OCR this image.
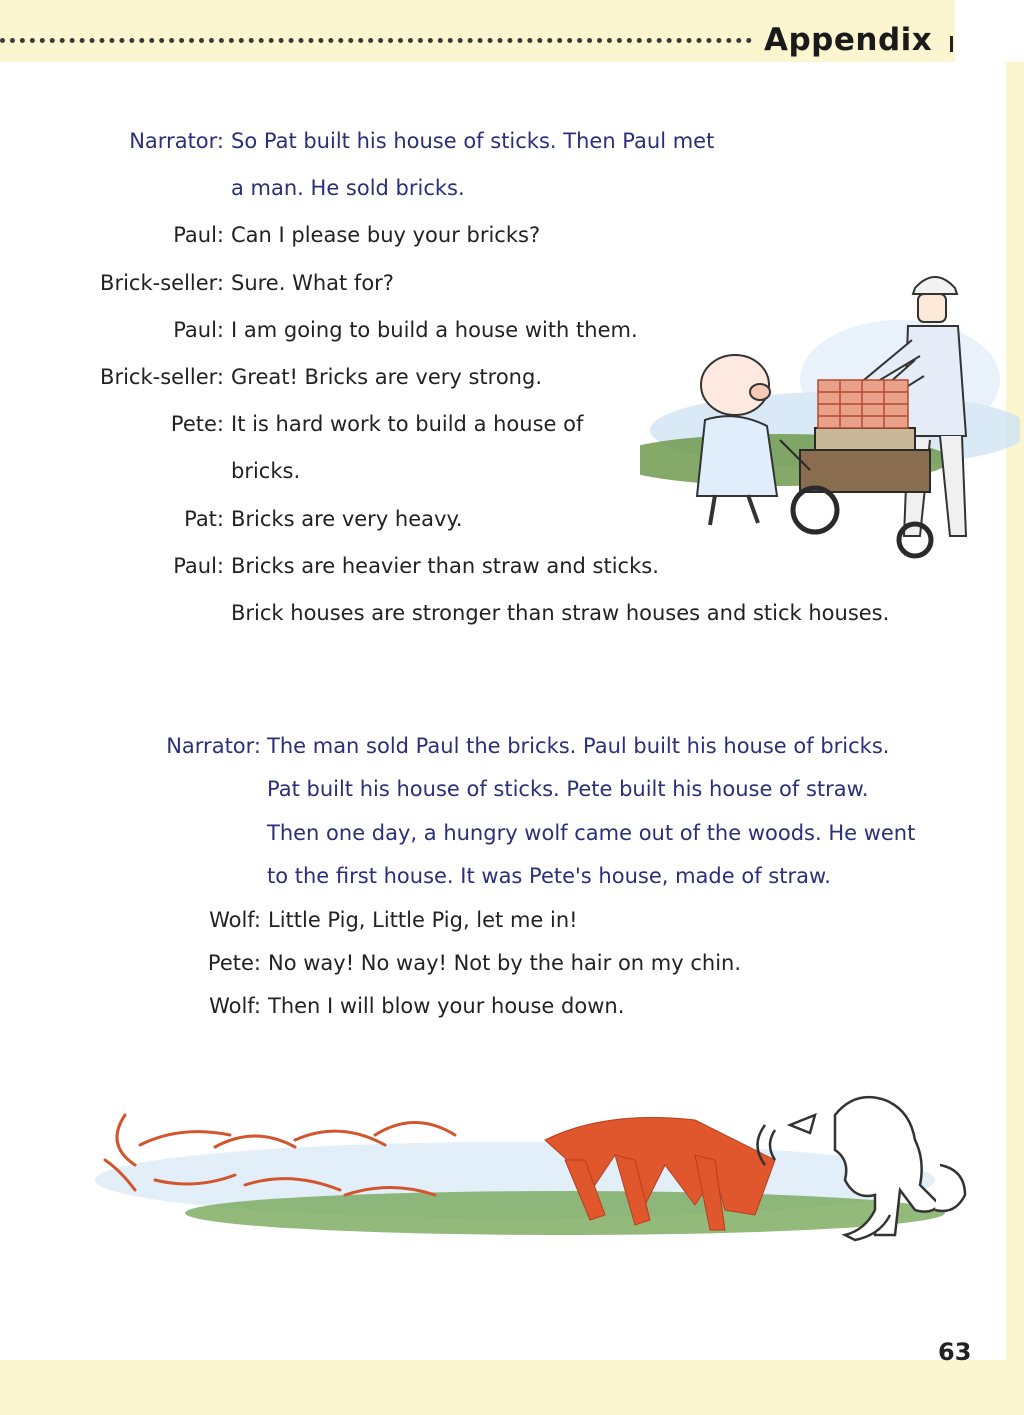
Appendix
Narrator: So Pat built his house of sticks. Then Paul met
a man. He sold bricks.
Paul: Can I please buy your bricks?
Brick-seller: Sure. What for?
Paul: I am going to build a house with them.
Brick-seller: Great! Bricks are very strong.
Pete: It is hard work to build a house of
bricks.
Pat: Bricks are very heavy.
Paul: Bricks are heavier than straw and sticks.
Brick houses are stronger than straw houses and stick houses.
Narrator: The man sold Paul the bricks. Paul built his house of bricks.
Pat built his house of sticks. Pete built his house of straw.
Then one day, a hungry wolf came out of the woods. He went
to the first house. It was Pete's house, made of straw.
Wolf: Little Pig, Little Pig, let me in!
Pete: No way! No way! Not by the hair on my chin.
Wolf: Then I will blow your house down.
63
